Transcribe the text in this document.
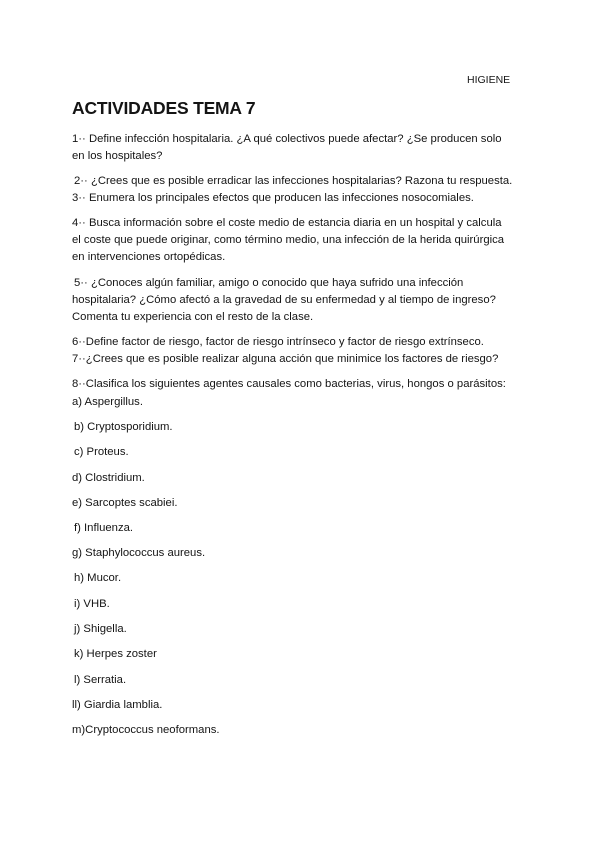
HIGIENE
ACTIVIDADES TEMA 7
1·· Define infección hospitalaria. ¿A qué colectivos puede afectar? ¿Se producen solo
en los hospitales?
2·· ¿Crees que es posible erradicar las infecciones hospitalarias? Razona tu respuesta.
3·· Enumera los principales efectos que producen las infecciones nosocomiales.
4·· Busca información sobre el coste medio de estancia diaria en un hospital y calcula
el coste que puede originar, como término medio, una infección de la herida quirúrgica
en intervenciones ortopédicas.
5·· ¿Conoces algún familiar, amigo o conocido que haya sufrido una infección
hospitalaria? ¿Cómo afectó a la gravedad de su enfermedad y al tiempo de ingreso?
Comenta tu experiencia con el resto de la clase.
6··Define factor de riesgo, factor de riesgo intrínseco y factor de riesgo extrínseco.
7··¿Crees que es posible realizar alguna acción que minimice los factores de riesgo?
8··Clasifica los siguientes agentes causales como bacterias, virus, hongos o parásitos:
a) Aspergillus.
b) Cryptosporidium.
c) Proteus.
d) Clostridium.
e) Sarcoptes scabiei.
f) Influenza.
g) Staphylococcus aureus.
h) Mucor.
i) VHB.
j) Shigella.
k) Herpes zoster
l) Serratia.
ll) Giardia lamblia.
m)Cryptococcus neoformans.
